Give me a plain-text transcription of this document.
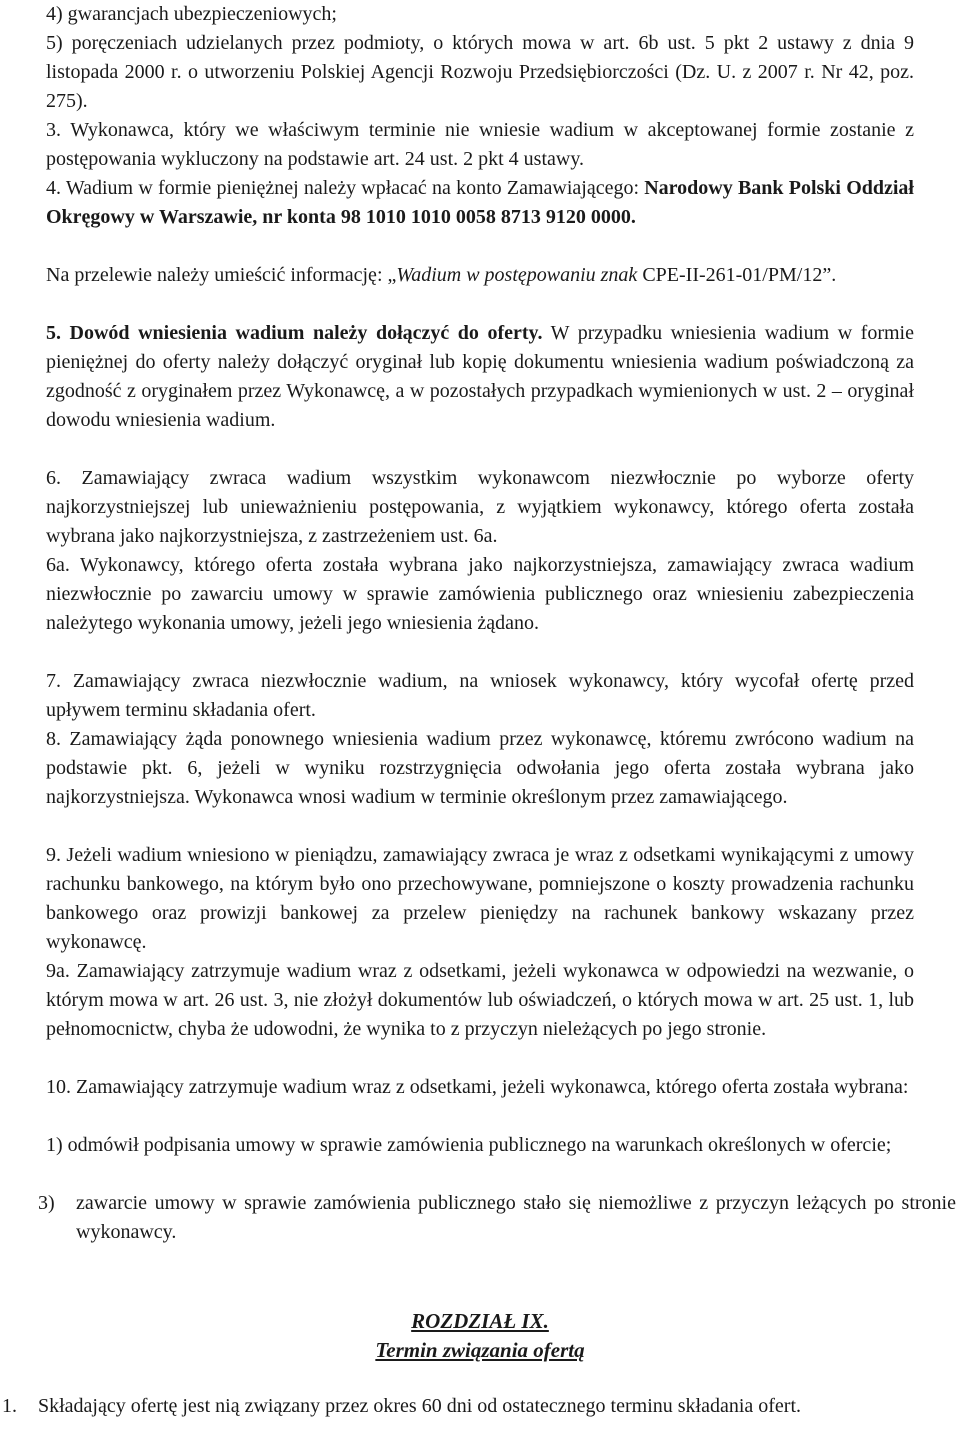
4) gwarancjach ubezpieczeniowych;

5) poręczeniach udzielanych przez podmioty, o których mowa w art. 6b ust. 5 pkt 2 ustawy z dnia 9 listopada 2000 r. o utworzeniu Polskiej Agencji Rozwoju Przedsiębiorczości (Dz. U. z 2007 r. Nr 42, poz. 275).

3. Wykonawca, który we właściwym terminie nie wniesie wadium w akceptowanej formie zostanie z postępowania wykluczony na podstawie art. 24 ust. 2 pkt 4 ustawy.

4. Wadium w formie pieniężnej należy wpłacać na konto Zamawiającego: Narodowy Bank Polski Oddział Okręgowy w Warszawie, nr konta 98 1010 1010 0058 8713 9120 0000.

Na przelewie należy umieścić informację: „Wadium w postępowaniu znak CPE-II-261-01/PM/12”.

5. Dowód wniesienia wadium należy dołączyć do oferty. W przypadku wniesienia wadium w formie pieniężnej do oferty należy dołączyć oryginał lub kopię dokumentu wniesienia wadium poświadczoną za zgodność z oryginałem przez Wykonawcę, a w pozostałych przypadkach wymienionych w ust. 2 – oryginał dowodu wniesienia wadium.

6. Zamawiający zwraca wadium wszystkim wykonawcom niezwłocznie po wyborze oferty najkorzystniejszej lub unieważnieniu postępowania, z wyjątkiem wykonawcy, którego oferta została wybrana jako najkorzystniejsza, z zastrzeżeniem ust. 6a.

6a. Wykonawcy, którego oferta została wybrana jako najkorzystniejsza, zamawiający zwraca wadium niezwłocznie po zawarciu umowy w sprawie zamówienia publicznego oraz wniesieniu zabezpieczenia należytego wykonania umowy, jeżeli jego wniesienia żądano.

7. Zamawiający zwraca niezwłocznie wadium, na wniosek wykonawcy, który wycofał ofertę przed upływem terminu składania ofert.

8. Zamawiający żąda ponownego wniesienia wadium przez wykonawcę, któremu zwrócono wadium na podstawie pkt. 6, jeżeli w wyniku rozstrzygnięcia odwołania jego oferta została wybrana jako najkorzystniejsza. Wykonawca wnosi wadium w terminie określonym przez zamawiającego.

9. Jeżeli wadium wniesiono w pieniądzu, zamawiający zwraca je wraz z odsetkami wynikającymi z umowy rachunku bankowego, na którym było ono przechowywane, pomniejszone o koszty prowadzenia rachunku bankowego oraz prowizji bankowej za przelew pieniędzy na rachunek bankowy wskazany przez wykonawcę.

9a. Zamawiający zatrzymuje wadium wraz z odsetkami, jeżeli wykonawca w odpowiedzi na wezwanie, o którym mowa w art. 26 ust. 3, nie złożył dokumentów lub oświadczeń, o których mowa w art. 25 ust. 1, lub pełnomocnictw, chyba że udowodni, że wynika to z przyczyn nieleżących po jego stronie.

10. Zamawiający zatrzymuje wadium wraz z odsetkami, jeżeli wykonawca, którego oferta została wybrana:

1) odmówił podpisania umowy w sprawie zamówienia publicznego na warunkach określonych w ofercie;

3) zawarcie umowy w sprawie zamówienia publicznego stało się niemożliwe z przyczyn leżących po stronie wykonawcy.
ROZDZIAŁ IX.
Termin związania ofertą
1. Składający ofertę jest nią związany przez okres 60 dni od ostatecznego terminu składania ofert.
